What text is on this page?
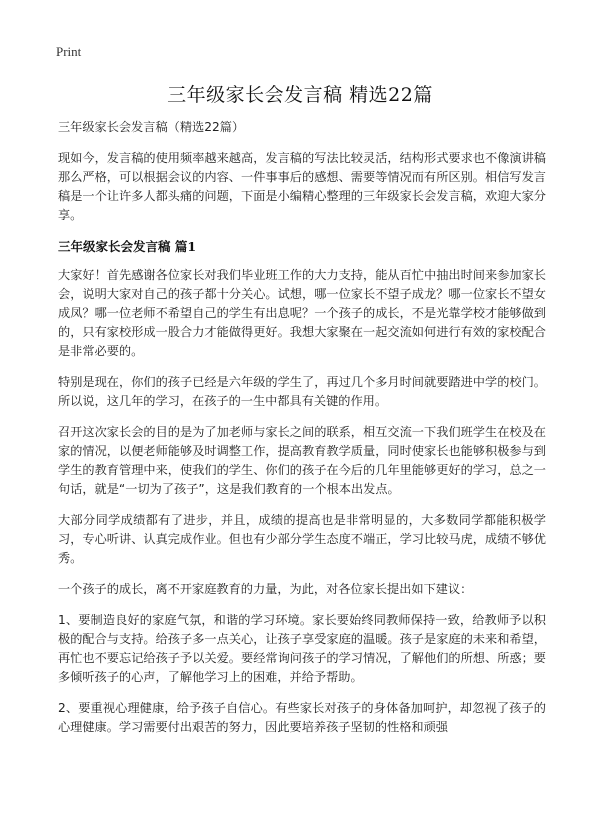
Print
三年级家长会发言稿 精选22篇

三年级家长会发言稿（精选22篇）

现如今，发言稿的使用频率越来越高，发言稿的写法比较灵活，结构形式要求也不像演讲稿那么严格，可以根据会议的内容、一件事事后的感想、需要等情况而有所区别。相信写发言稿是一个让许多人都头痛的问题，下面是小编精心整理的三年级家长会发言稿，欢迎大家分享。

三年级家长会发言稿 篇1

大家好！首先感谢各位家长对我们毕业班工作的大力支持，能从百忙中抽出时间来参加家长会，说明大家对自己的孩子都十分关心。试想，哪一位家长不望子成龙？哪一位家长不望女成凤？哪一位老师不希望自己的学生有出息呢？一个孩子的成长，不是光靠学校才能够做到的，只有家校形成一股合力才能做得更好。我想大家聚在一起交流如何进行有效的家校配合是非常必要的。

特别是现在，你们的孩子已经是六年级的学生了，再过几个多月时间就要踏进中学的校门。所以说，这几年的学习，在孩子的一生中都具有关键的作用。

召开这次家长会的目的是为了加老师与家长之间的联系，相互交流一下我们班学生在校及在家的情况，以便老师能够及时调整工作，提高教育教学质量，同时使家长也能够积极参与到学生的教育管理中来，使我们的学生、你们的孩子在今后的几年里能够更好的学习，总之一句话，就是“一切为了孩子”，这是我们教育的一个根本出发点。

大部分同学成绩都有了进步，并且，成绩的提高也是非常明显的，大多数同学都能积极学习，专心听讲、认真完成作业。但也有少部分学生态度不端正，学习比较马虎，成绩不够优秀。

一个孩子的成长，离不开家庭教育的力量，为此，对各位家长提出如下建议：

1、要制造良好的家庭气氛，和谐的学习环境。家长要始终同教师保持一致，给教师予以积极的配合与支持。给孩子多一点关心，让孩子享受家庭的温暖。孩子是家庭的未来和希望，再忙也不要忘记给孩子予以关爱。要经常询问孩子的学习情况，了解他们的所想、所惑；要多倾听孩子的心声，了解他学习上的困难，并给予帮助。

2、要重视心理健康，给予孩子自信心。有些家长对孩子的身体备加呵护，却忽视了孩子的心理健康。学习需要付出艰苦的努力，因此要培养孩子坚韧的性格和顽强
